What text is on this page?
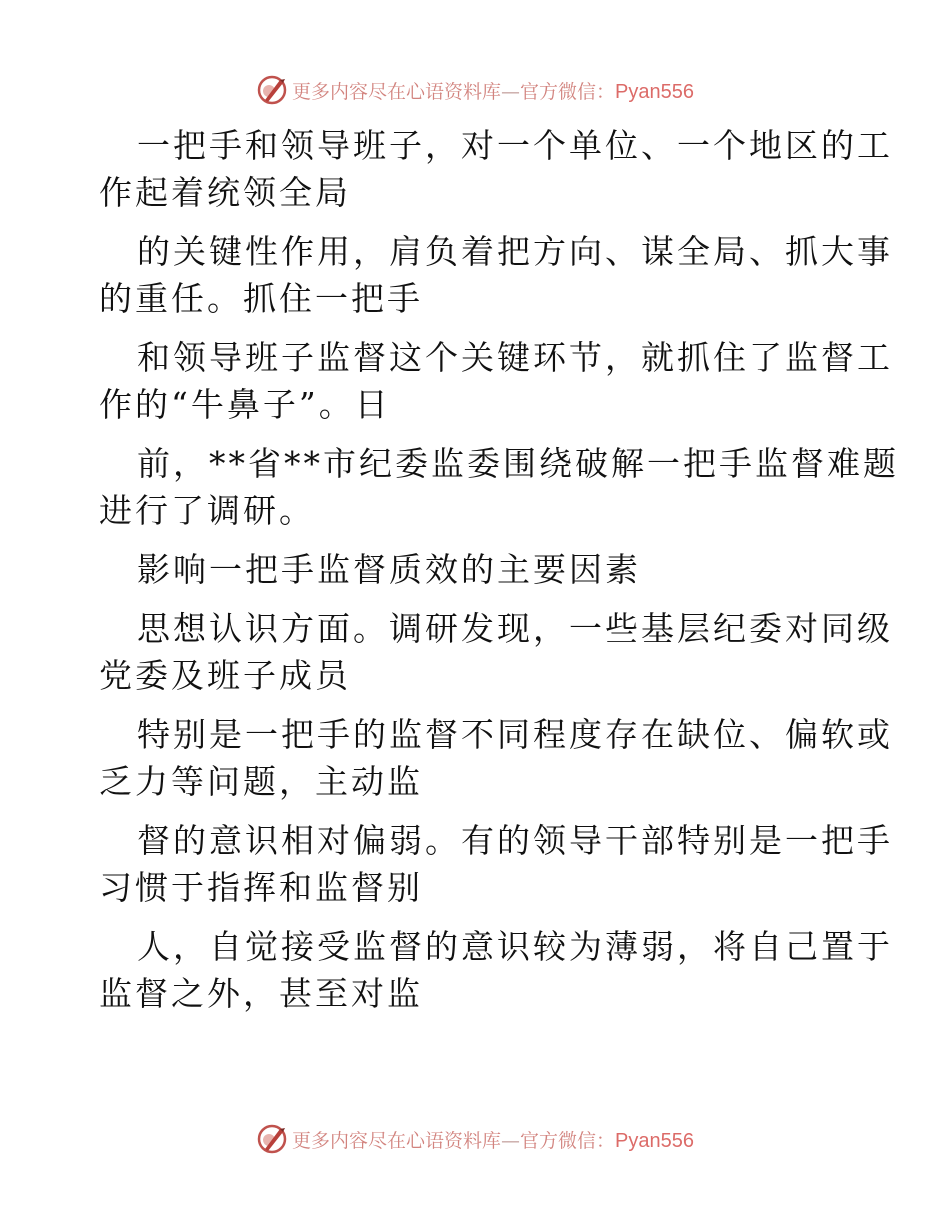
更多内容尽在心语资料库—官方微信：Pyan556
一把手和领导班子，对一个单位、一个地区的工
作起着统领全局
的关键性作用，肩负着把方向、谋全局、抓大事
的重任。抓住一把手
和领导班子监督这个关键环节，就抓住了监督工
作的“牛鼻子”。日
前，**省**市纪委监委围绕破解一把手监督难题
进行了调研。
影响一把手监督质效的主要因素
思想认识方面。调研发现，一些基层纪委对同级
党委及班子成员
特别是一把手的监督不同程度存在缺位、偏软或
乏力等问题，主动监
督的意识相对偏弱。有的领导干部特别是一把手
习惯于指挥和监督别
人，自觉接受监督的意识较为薄弱，将自己置于
监督之外，甚至对监
更多内容尽在心语资料库—官方微信：Pyan556
